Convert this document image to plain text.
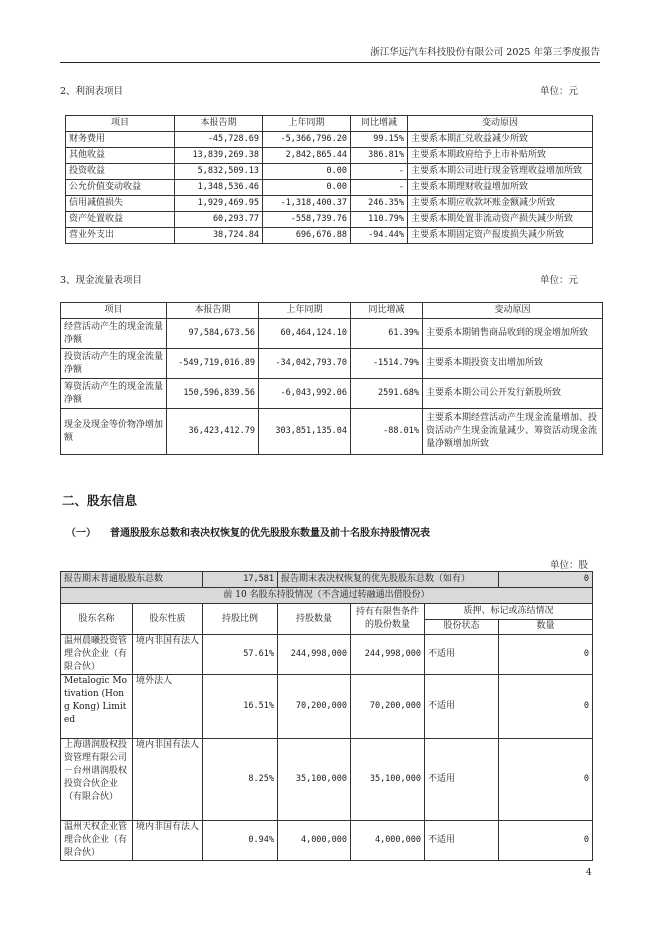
浙江华远汽车科技股份有限公司 2025 年第三季度报告
2、利润表项目	单位：元
项目	本报告期	上年同期	同比增减	变动原因
财务费用	-45,728.69	-5,366,796.20	99.15%	主要系本期汇兑收益减少所致
其他收益	13,839,269.38	2,842,865.44	386.81%	主要系本期政府给予上市补贴所致
投资收益	5,832,509.13	0.00	-	主要系本期公司进行现金管理收益增加所致
公允价值变动收益	1,348,536.46	0.00	-	主要系本期理财收益增加所致
信用减值损失	1,929,469.95	-1,318,400.37	246.35%	主要系本期应收款坏账金额减少所致
资产处置收益	60,293.77	-558,739.76	110.79%	主要系本期处置非流动资产损失减少所致
营业外支出	38,724.84	696,676.88	-94.44%	主要系本期固定资产报废损失减少所致
3、现金流量表项目	单位：元
项目	本报告期	上年同期	同比增减	变动原因
经营活动产生的现金流量净额	97,584,673.56	60,464,124.10	61.39%	主要系本期销售商品收到的现金增加所致
投资活动产生的现金流量净额	-549,719,016.89	-34,042,793.70	-1514.79%	主要系本期投资支出增加所致
筹资活动产生的现金流量净额	150,596,839.56	-6,043,992.06	2591.68%	主要系本期公司公开发行新股所致
现金及现金等价物净增加额	36,423,412.79	303,851,135.04	-88.01%	主要系本期经营活动产生现金流量增加、投资活动产生现金流量减少、筹资活动现金流量净额增加所致
二、股东信息
（一） 普通股股东总数和表决权恢复的优先股股东数量及前十名股东持股情况表
单位：股
报告期末普通股股东总数		17,581	报告期末表决权恢复的优先股股东总数（如有）			0
前 10 名股东持股情况（不含通过转融通出借股份）						
股东名称	股东性质	持股比例	持股数量	持有有限售条件的股份数量	质押、标记或冻结情况	
					股份状态	数量
温州晨曦投资管理合伙企业（有限合伙）	境内非国有法人	57.61%	244,998,000	244,998,000	不适用	0
Metalogic Motivation (Hong Kong) Limited	境外法人	16.51%	70,200,000	70,200,000	不适用	0
上海谱润股权投资管理有限公司－台州谱润股权投资合伙企业（有限合伙）	境内非国有法人	8.25%	35,100,000	35,100,000	不适用	0
温州天权企业管理合伙企业（有限合伙）	境内非国有法人	0.94%	4,000,000	4,000,000	不适用	0
4
